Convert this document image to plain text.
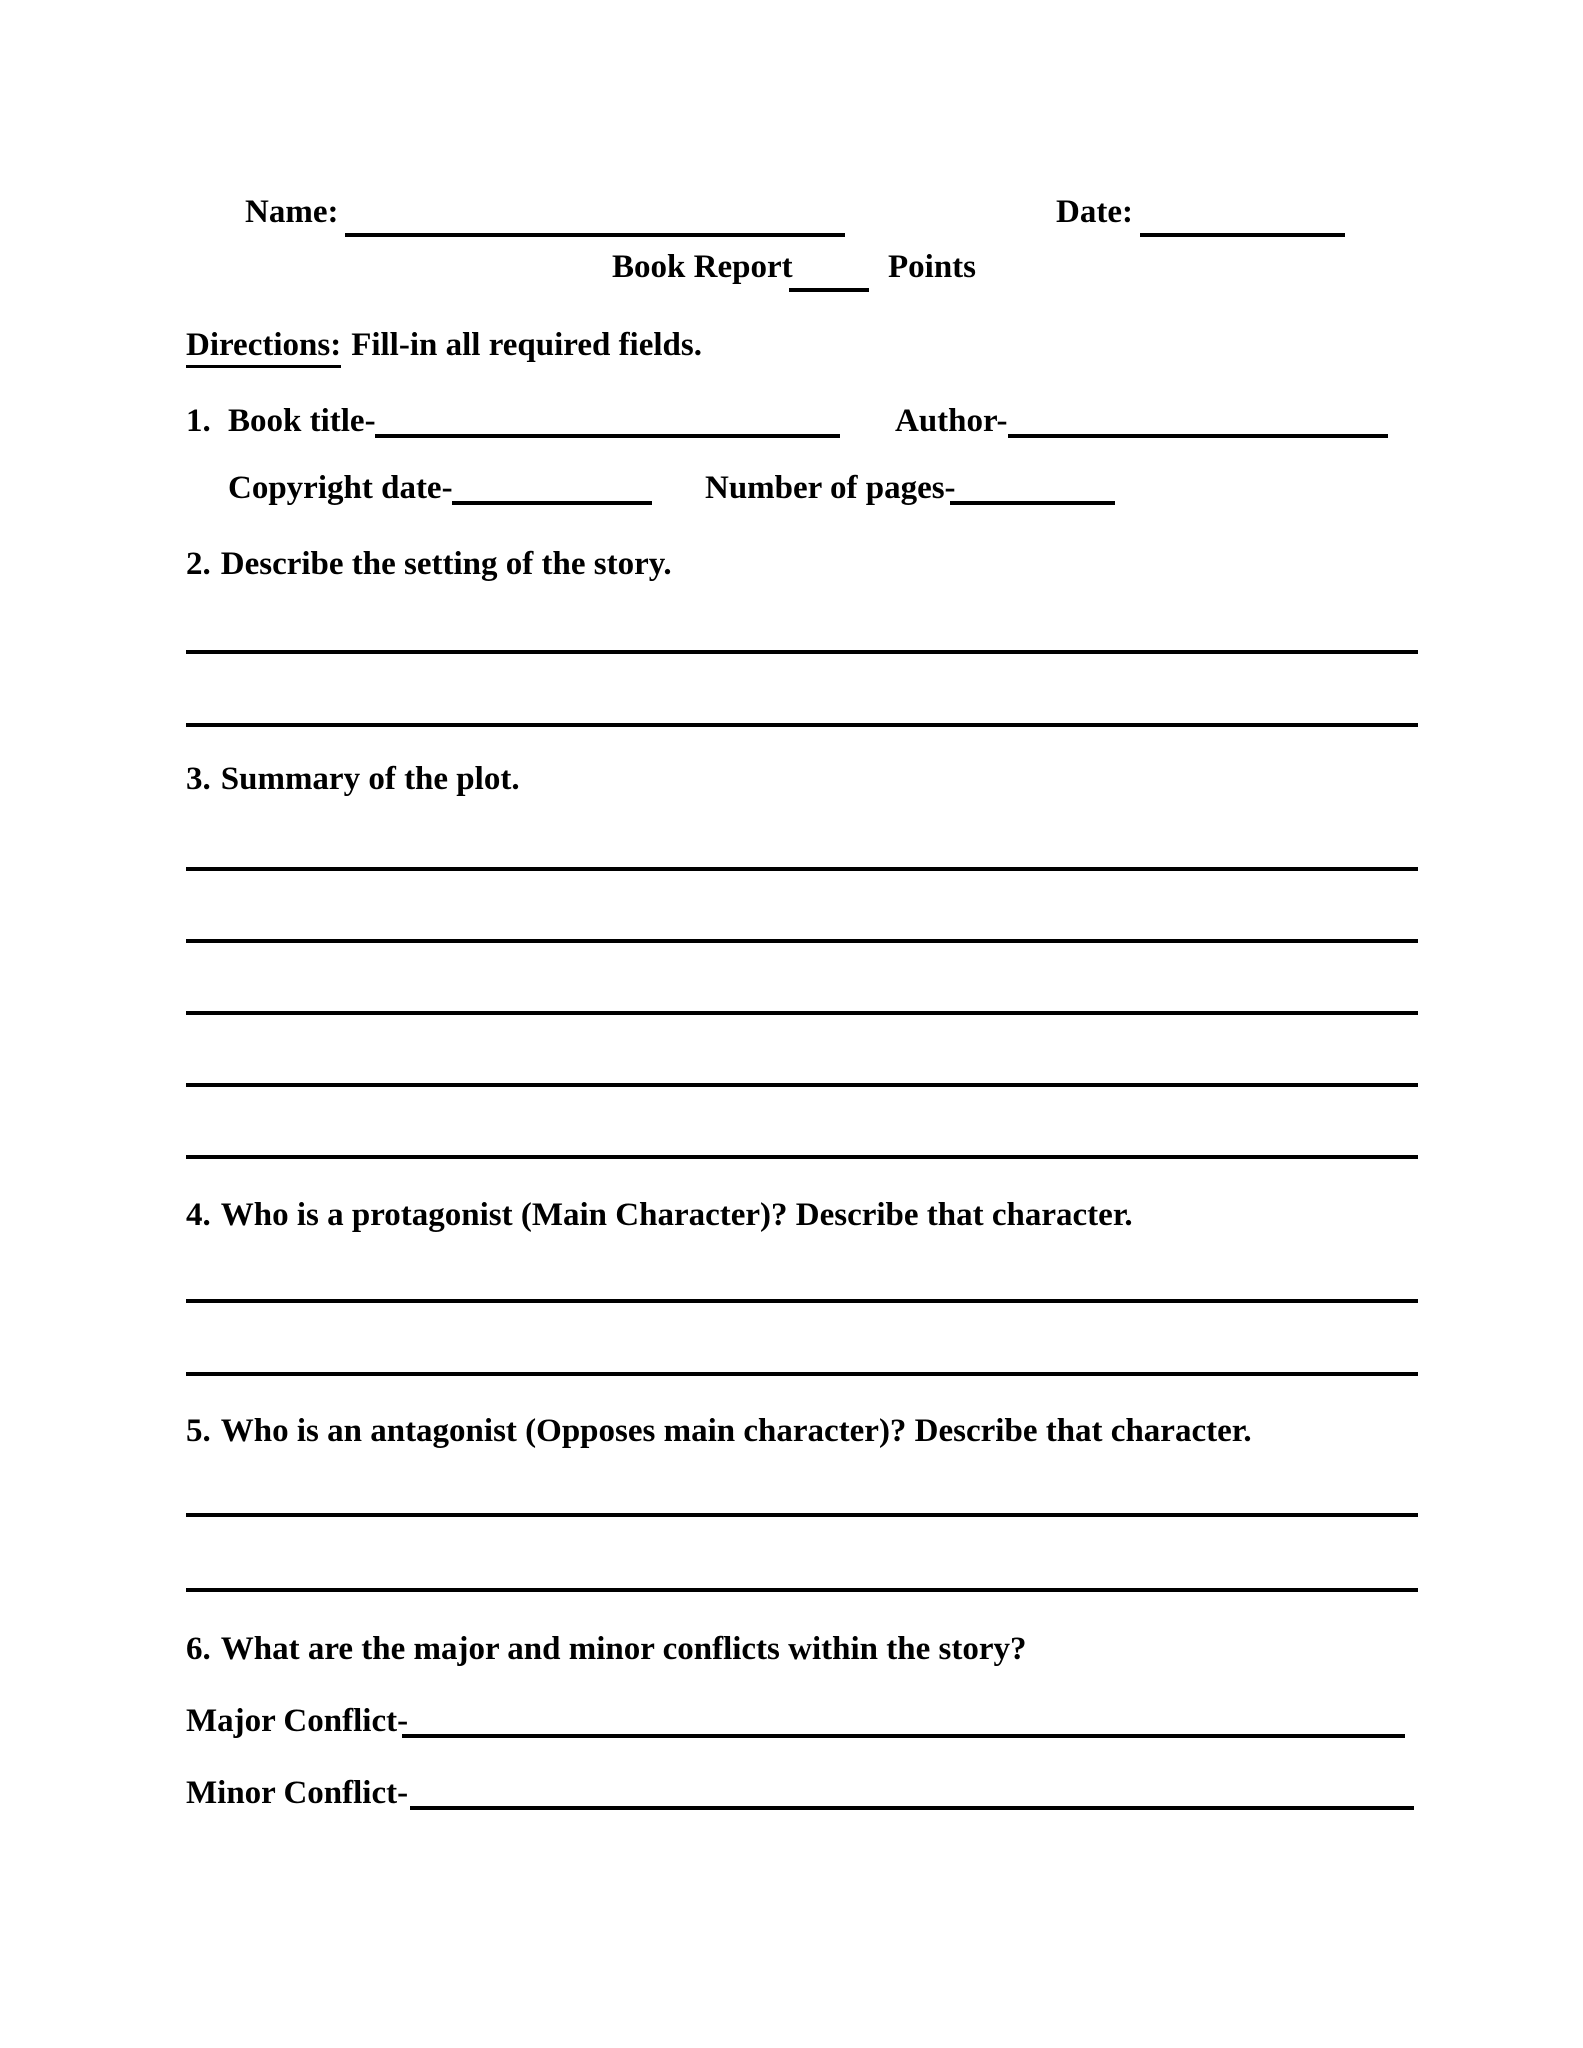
Name:	Date:
Book Report	Points
Directions: Fill-in all required fields.
1. Book title-	Author-
Copyright date-	Number of pages-
2. Describe the setting of the story.
3. Summary of the plot.
4. Who is a protagonist (Main Character)? Describe that character.
5. Who is an antagonist (Opposes main character)? Describe that character.
6. What are the major and minor conflicts within the story?
Major Conflict-
Minor Conflict-
